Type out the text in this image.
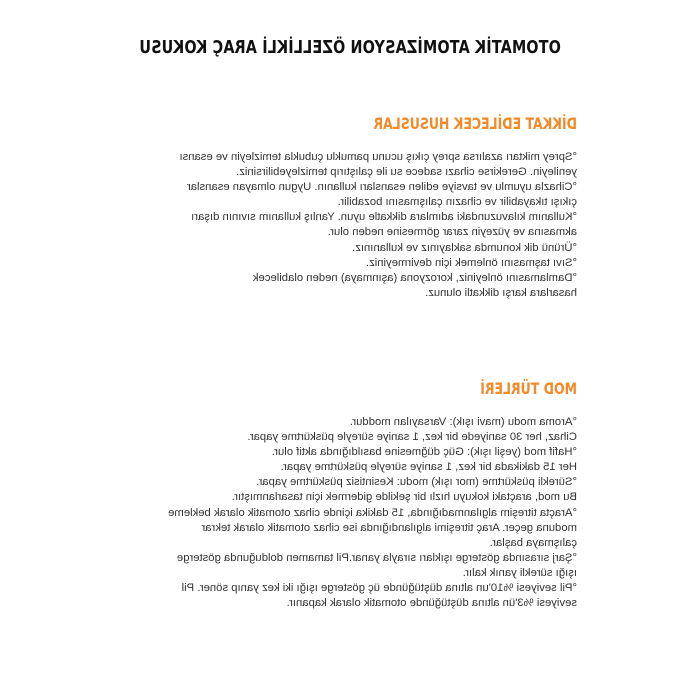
OTOMATİK ATOMİZASYON ÖZELLİKLİ ARAÇ KOKUSU
DİKKAT EDİLECEK HUSUSLAR
°Sprey miktarı azalırsa sprey çıkış ucunu pamuklu çubukla temizleyin ve esansı
yenileyin. Gerekirse cihazı sadece su ile çalıştırıp temizleyebilirsiniz.
°Cihazla uyumlu ve tavsiye edilen esansları kullanın. Uygun olmayan esanslar
çıkışı tıkayabilir ve cihazın çalışmasını bozabilir.
°Kullanım kılavuzundaki adımlara dikkatle uyun. Yanlış kullanım sıvının dışarı
akmasına ve yüzeyin zarar görmesine neden olur.
°Ürünü dik konumda saklayınız ve kullanınız.
°Sıvı taşmasını önlemek için devirmeyiniz.
°Damlamasını önleyiniz, korozyona (aşınmaya) neden olabilecek
hasarlara karşı dikkatli olunuz.
MOD TÜRLERİ
°Aroma modu (mavi ışık): Varsayılan moddur.
Cihaz, her 30 saniyede bir kez, 1 saniye süreyle püskürtme yapar.
°Hafif mod (yeşil ışık): Güç düğmesine basıldığında aktif olur.
Her 15 dakikada bir kez, 1 saniye süreyle püskürtme yapar.
°Sürekli püskürtme (mor ışık) modu: Kesintisiz püskürtme yapar.
Bu mod, araçtaki kokuyu hızlı bir şekilde gidermek için tasarlanmıştır.
°Araçta titreşim algılanmadığında, 15 dakika içinde cihaz otomatik olarak bekleme
moduna geçer. Araç titreşimi algılandığında ise cihaz otomatik olarak tekrar
çalışmaya başlar.
°Şarj sırasında gösterge ışıkları sırayla yanar.Pil tamamen dolduğunda gösterge
ışığı sürekli yanık kalır.
°Pil seviyesi %10'un altına düştüğünde üç gösterge ışığı iki kez yanıp söner. Pil
seviyesi %3'ün altına düştüğünde otomatik olarak kapanır.
